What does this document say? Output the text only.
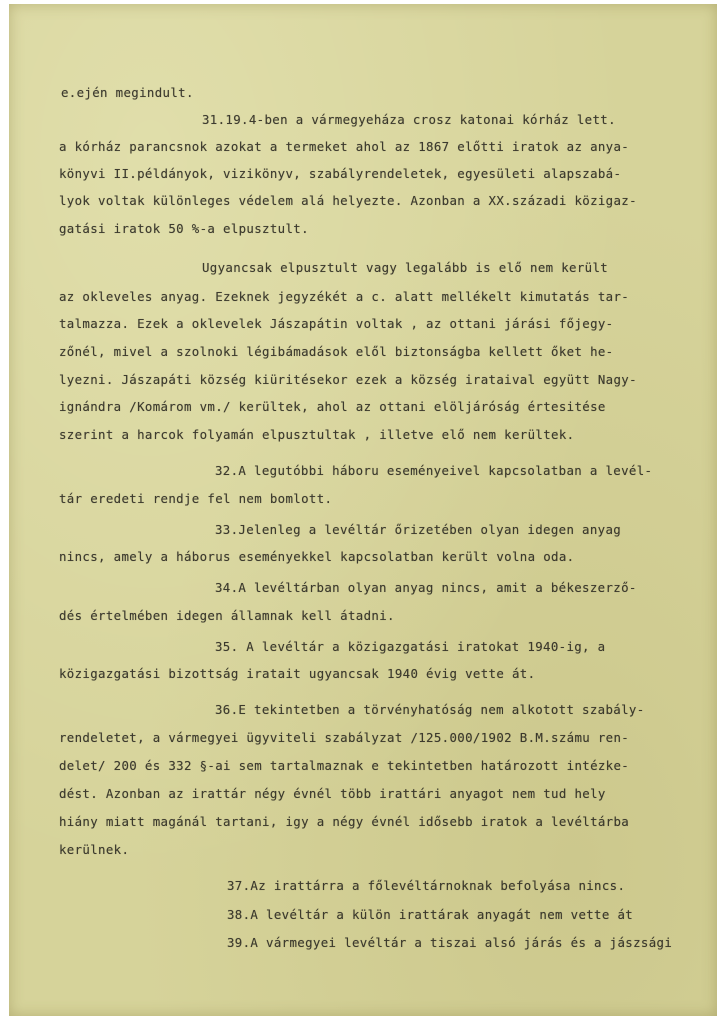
e.ején megindult.
31.19.4-ben a vármegyeháza crosz katonai kórház lett.
a kórház parancsnok azokat a termeket ahol az 1867 előtti iratok az anya-
könyvi II.példányok, vizikönyv, szabályrendeletek, egyesületi alapszabá-
lyok voltak különleges védelem alá helyezte. Azonban a XX.századi közigaz-
gatási iratok 50 %-a elpusztult.
Ugyancsak elpusztult vagy legalább is elő nem került
az okleveles anyag. Ezeknek jegyzékét a c. alatt mellékelt kimutatás tar-
talmazza. Ezek a oklevelek Jászapátin voltak , az ottani járási főjegy-
zőnél, mivel a szolnoki légibámadások elől biztonságba kellett őket he-
lyezni. Jászapáti község kiüritésekor ezek a község irataival együtt Nagy-
ignándra /Komárom vm./ kerültek, ahol az ottani elöljáróság értesitése
szerint a harcok folyamán elpusztultak , illetve elő nem kerültek.
32.A legutóbbi háboru eseményeivel kapcsolatban a levél-
tár eredeti rendje fel nem bomlott.
33.Jelenleg a levéltár őrizetében olyan idegen anyag
nincs, amely a háborus eseményekkel kapcsolatban került volna oda.
34.A levéltárban olyan anyag nincs, amit a békeszerző-
dés értelmében idegen államnak kell átadni.
35. A levéltár a közigazgatási iratokat 1940-ig, a
közigazgatási bizottság iratait ugyancsak 1940 évig vette át.
36.E tekintetben a törvényhatóság nem alkotott szabály-
rendeletet, a vármegyei ügyviteli szabályzat /125.000/1902 B.M.számu ren-
delet/ 200 és 332 §-ai sem tartalmaznak e tekintetben határozott intézke-
dést. Azonban az irattár négy évnél több irattári anyagot nem tud hely
hiány miatt magánál tartani, igy a négy évnél idősebb iratok a levéltárba
kerülnek.
37.Az irattárra a főlevéltárnoknak befolyása nincs.
38.A levéltár a külön irattárak anyagát nem vette át
39.A vármegyei levéltár a tiszai alsó járás és a jászsági
